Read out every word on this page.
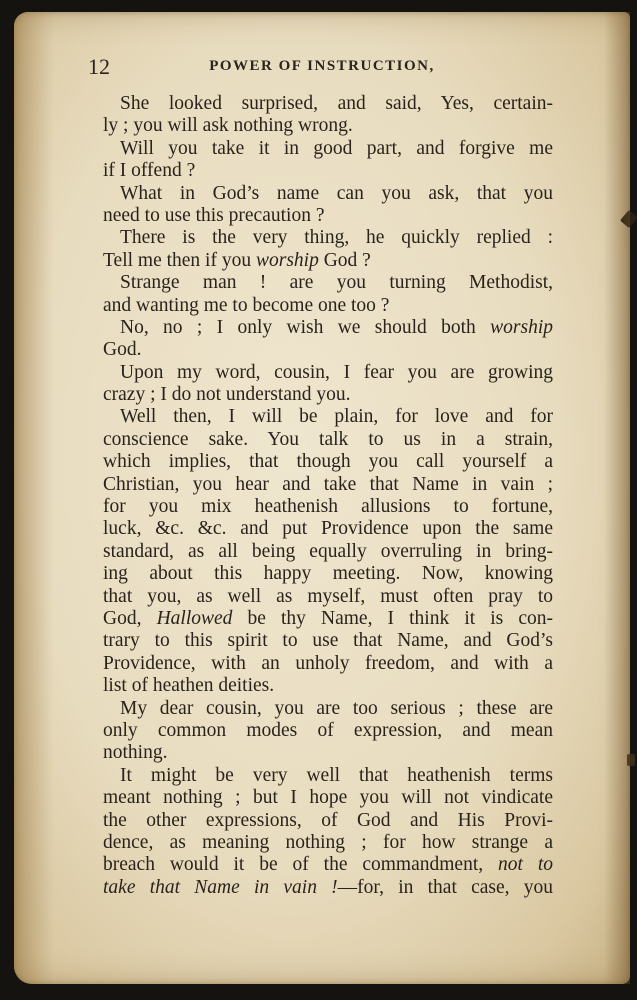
12	POWER OF INSTRUCTION,
She looked surprised, and said, Yes, certain-
ly ; you will ask nothing wrong.
Will you take it in good part, and forgive me
if I offend ?
What in God’s name can you ask, that you
need to use this precaution ?
There is the very thing, he quickly replied :
Tell me then if you worship God ?
Strange man ! are you turning Methodist,
and wanting me to become one too ?
No, no ; I only wish we should both worship
God.
Upon my word, cousin, I fear you are growing
crazy ; I do not understand you.
Well then, I will be plain, for love and for
conscience sake. You talk to us in a strain,
which implies, that though you call yourself a
Christian, you hear and take that Name in vain ;
for you mix heathenish allusions to fortune,
luck, &c. &c. and put Providence upon the same
standard, as all being equally overruling in bring-
ing about this happy meeting. Now, knowing
that you, as well as myself, must often pray to
God, Hallowed be thy Name, I think it is con-
trary to this spirit to use that Name, and God’s
Providence, with an unholy freedom, and with a
list of heathen deities.
My dear cousin, you are too serious ; these are
only common modes of expression, and mean
nothing.
It might be very well that heathenish terms
meant nothing ; but I hope you will not vindicate
the other expressions, of God and His Provi-
dence, as meaning nothing ; for how strange a
breach would it be of the commandment, not to
take that Name in vain !—for, in that case, you
